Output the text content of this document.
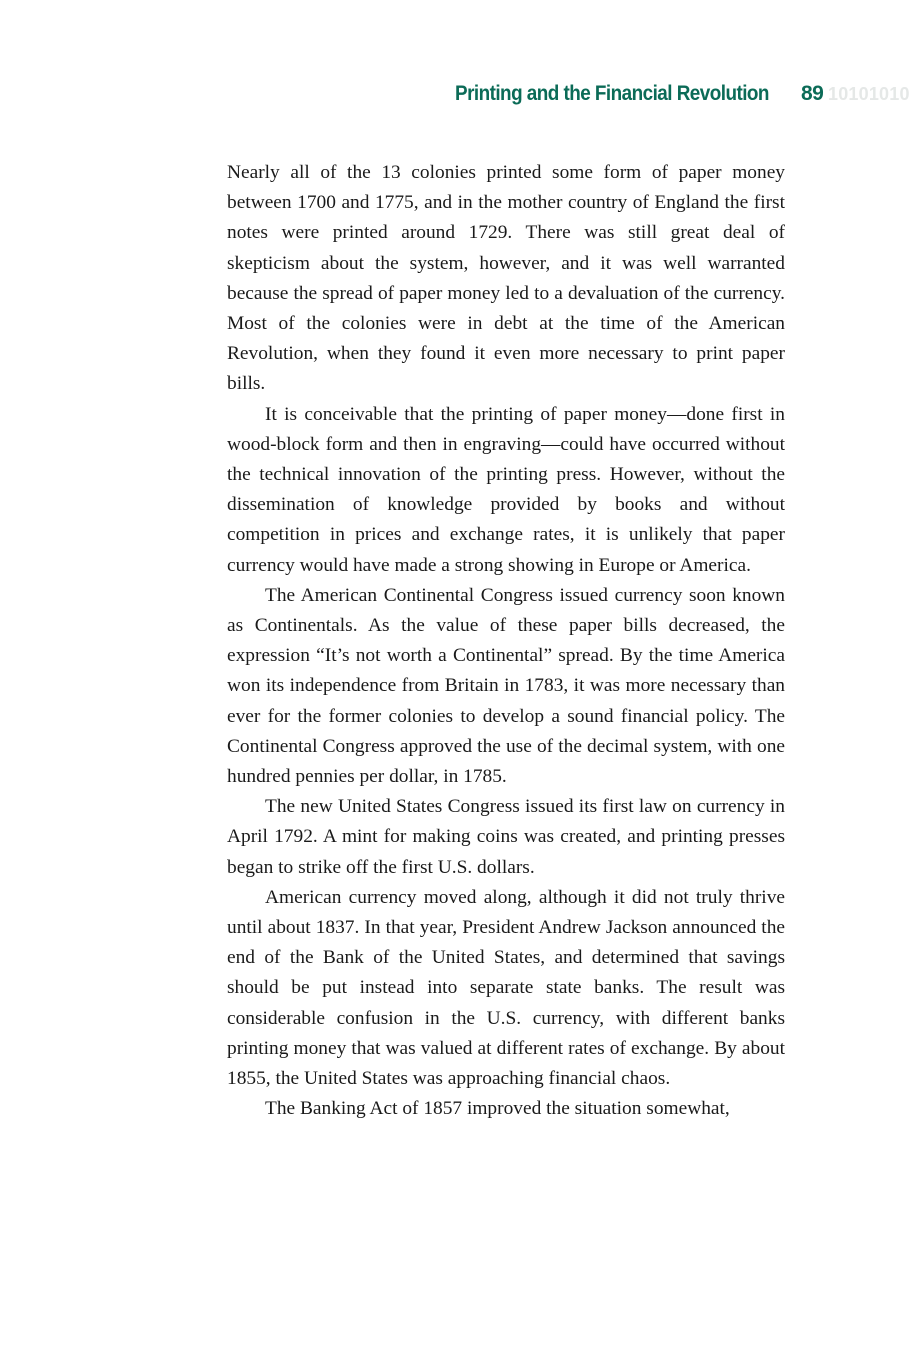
Printing and the Financial Revolution 89 10101010

Nearly all of the 13 colonies printed some form of paper money between 1700 and 1775, and in the mother country of England the first notes were printed around 1729. There was still great deal of skepticism about the system, however, and it was well warranted because the spread of paper money led to a devaluation of the currency. Most of the colonies were in debt at the time of the American Revolution, when they found it even more necessary to print paper bills.

It is conceivable that the printing of paper money—done first in wood-block form and then in engraving—could have occurred without the technical innovation of the printing press. However, without the dissemination of knowledge provided by books and without competition in prices and exchange rates, it is unlikely that paper currency would have made a strong showing in Europe or America.

The American Continental Congress issued currency soon known as Continentals. As the value of these paper bills decreased, the expression “It’s not worth a Continental” spread. By the time America won its independence from Britain in 1783, it was more necessary than ever for the former colonies to develop a sound financial policy. The Continental Congress approved the use of the decimal system, with one hundred pennies per dollar, in 1785.

The new United States Congress issued its first law on currency in April 1792. A mint for making coins was created, and printing presses began to strike off the first U.S. dollars.

American currency moved along, although it did not truly thrive until about 1837. In that year, President Andrew Jackson announced the end of the Bank of the United States, and determined that savings should be put instead into separate state banks. The result was considerable confusion in the U.S. currency, with different banks printing money that was valued at different rates of exchange. By about 1855, the United States was approaching financial chaos.

The Banking Act of 1857 improved the situation somewhat,
